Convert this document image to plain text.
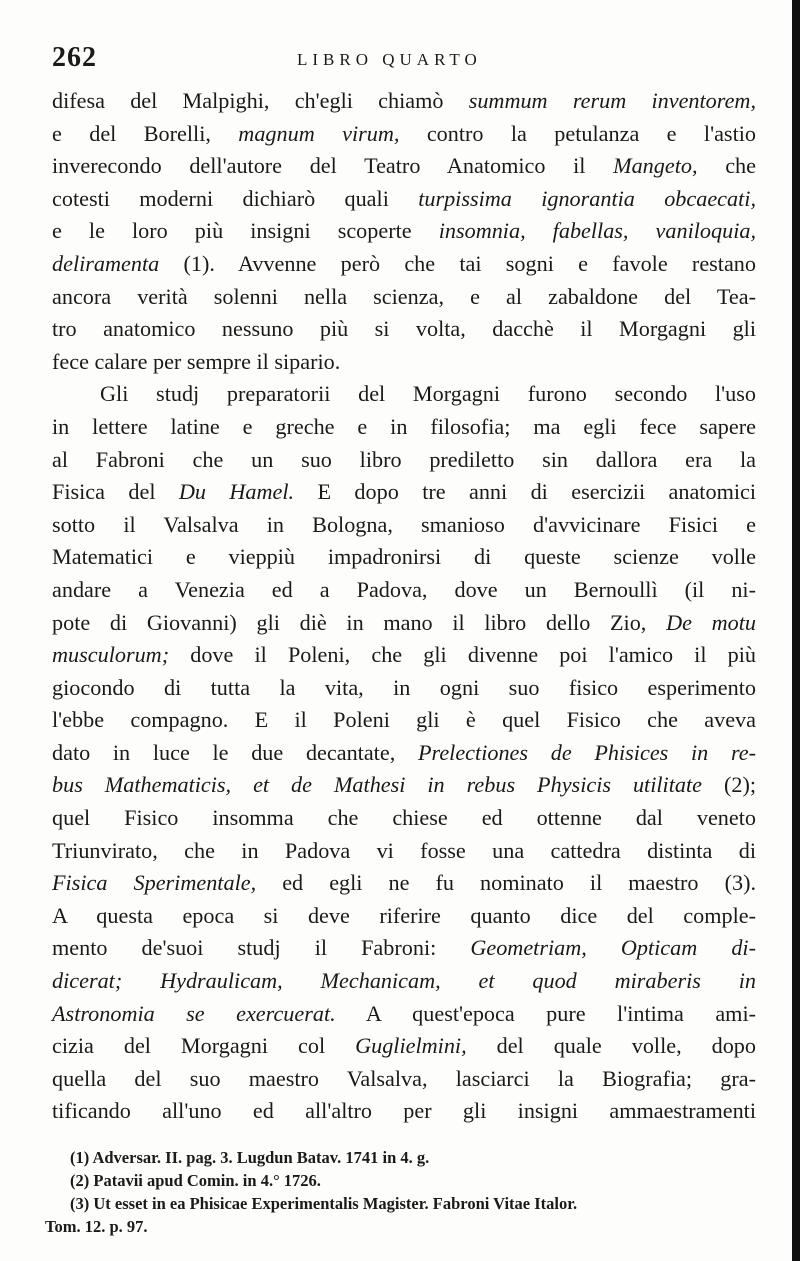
262	LIBRO QUARTO
difesa del Malpighi, ch'egli chiamò summum rerum inventorem,
e del Borelli, magnum virum, contro la petulanza e l'astio
inverecondo dell'autore del Teatro Anatomico il Mangeto, che
cotesti moderni dichiarò quali turpissima ignorantia obcaecati,
e le loro più insigni scoperte insomnia, fabellas, vaniloquia,
deliramenta (1). Avvenne però che tai sogni e favole restano
ancora verità solenni nella scienza, e al zabaldone del Tea-
tro anatomico nessuno più si volta, dacchè il Morgagni gli
fece calare per sempre il sipario.
Gli studj preparatorii del Morgagni furono secondo l'uso
in lettere latine e greche e in filosofia; ma egli fece sapere
al Fabroni che un suo libro prediletto sin dallora era la
Fisica del Du Hamel. E dopo tre anni di esercizii anatomici
sotto il Valsalva in Bologna, smanioso d'avvicinare Fisici e
Matematici e vieppiù impadronirsi di queste scienze volle
andare a Venezia ed a Padova, dove un Bernoullì (il ni-
pote di Giovanni) gli diè in mano il libro dello Zio, De motu
musculorum; dove il Poleni, che gli divenne poi l'amico il più
giocondo di tutta la vita, in ogni suo fisico esperimento
l'ebbe compagno. E il Poleni gli è quel Fisico che aveva
dato in luce le due decantate, Prelectiones de Phisices in re-
bus Mathematicis, et de Mathesi in rebus Physicis utilitate (2);
quel Fisico insomma che chiese ed ottenne dal veneto
Triunvirato, che in Padova vi fosse una cattedra distinta di
Fisica Sperimentale, ed egli ne fu nominato il maestro (3).
A questa epoca si deve riferire quanto dice del comple-
mento de'suoi studj il Fabroni: Geometriam, Opticam di-
dicerat; Hydraulicam, Mechanicam, et quod miraberis in
Astronomia se exercuerat. A quest'epoca pure l'intima ami-
cizia del Morgagni col Guglielmini, del quale volle, dopo
quella del suo maestro Valsalva, lasciarci la Biografia; gra-
tificando all'uno ed all'altro per gli insigni ammaestramenti
(1) Adversar. II. pag. 3. Lugdun Batav. 1741 in 4. g.
(2) Patavii apud Comin. in 4.° 1726.
(3) Ut esset in ea Phisicae Experimentalis Magister. Fabroni Vitae Italor.
Tom. 12. p. 97.
